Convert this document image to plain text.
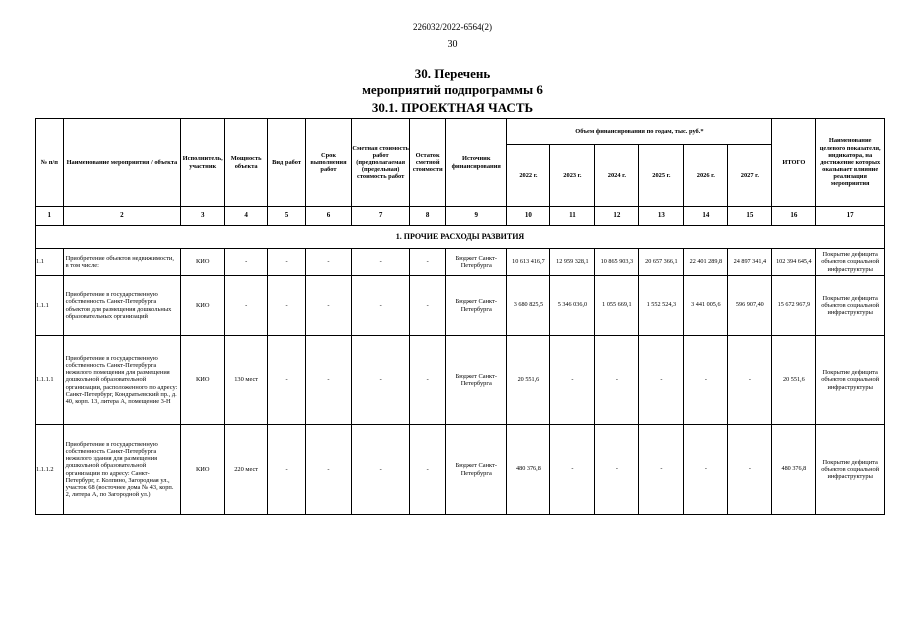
226032/2022-6564(2)
30
30. Перечень
мероприятий подпрограммы 6
30.1. ПРОЕКТНАЯ ЧАСТЬ
№ п/п	Наименование мероприятия / объекта	Исполнитель, участник	Мощность объекта	Вид работ	Срок выполнения работ	Сметная стоимость работ (предполагаемая (предельная) стоимость работ	Остаток сметной стоимости	Источник финансирования	Объем финансирования по годам, тыс. руб.*						ИТОГО	Наименование целевого показателя, индикатора, на достижение которых оказывает влияние реализация мероприятия
									2022 г.	2023 г.	2024 г.	2025 г.	2026 г.	2027 г.		
1	2	3	4	5	6	7	8	9	10	11	12	13	14	15	16	17
1. ПРОЧИЕ РАСХОДЫ РАЗВИТИЯ																
1.1	Приобретение объектов недвижимости, в том числе:	КИО	-	-	-	-	-	Бюджет Санкт-Петербурга	10 613 416,7	12 959 328,1	10 865 903,3	20 657 366,1	22 401 289,8	24 897 341,4	102 394 645,4	Покрытие дефицита объектов социальной инфраструктуры
1.1.1	Приобретение в государственную собственность Санкт-Петербурга объектов для размещения дошкольных образовательных организаций	КИО	-	-	-	-	-	Бюджет Санкт-Петербурга	3 680 825,5	5 346 036,0	1 055 669,1	1 552 524,3	3 441 005,6	596 907,40	15 672 967,9	Покрытие дефицита объектов социальной инфраструктуры
1.1.1.1	Приобретение в государственную собственность Санкт-Петербурга нежилого помещения для размещения дошкольной образовательной организации, расположенного по адресу: Санкт-Петербург, Кондратьевский пр., д. 40, корп. 13, литера А, помещение 3-Н	КИО	130 мест	-	-	-	-	Бюджет Санкт-Петербурга	20 551,6	-	-	-	-	-	20 551,6	Покрытие дефицита объектов социальной инфраструктуры
1.1.1.2	Приобретение в государственную собственность Санкт-Петербурга нежилого здания для размещения дошкольной образовательной организации по адресу: Санкт-Петербург, г. Колпино, Загородная ул., участок 68 (восточнее дома № 43, корп. 2, литера А, по Загородной ул.)	КИО	220 мест	-	-	-	-	Бюджет Санкт-Петербурга	480 376,8	-	-	-	-	-	480 376,8	Покрытие дефицита объектов социальной инфраструктуры
